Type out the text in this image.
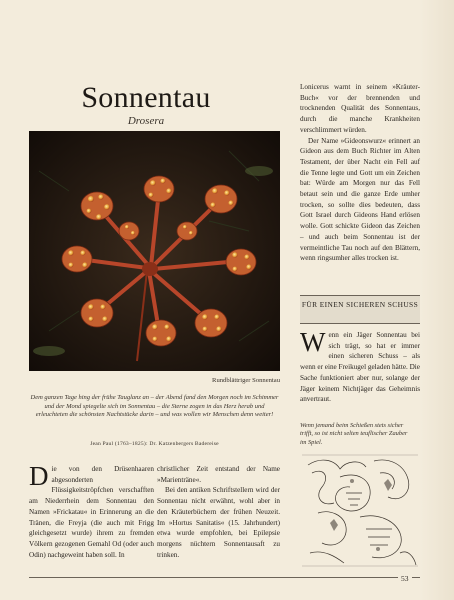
Sonnentau
Drosera
Rundblättriger Sonnentau
Dem ganzen Tage hing der frühe Tauglanz an – der Abend fand den Morgen noch im Schimmer und der Mond spiegelte sich im Sonnentau – die Sterne zogen in das Herz herab und erleuchteten die schönsten Nachtstücke darin – und was wollen wir Menschen denn weiter!
Jean Paul (1763–1825): Dr. Katzenbergers Badereise

Die von den Drüsenhaaren abgesonderten Flüssigkeitströpfchen verschafften am Niederrhein dem Sonnentau den Namen »Frickatau« in Erinnerung an die Tränen, die Freyja (die auch mit Frigg gleichgesetzt wurde) ihrem zu fremden Völkern gezogenen Gemahl Od (oder auch Odin) nachgeweint haben soll. In

christlicher Zeit entstand der Name »Marientränе«.

Bei den antiken Schriftstellern wird der Sonnentau nicht erwähnt, wohl aber in den Kräuterbüchern der frühen Neuzeit. Im »Hortus Sanitatis« (15. Jahrhundert) etwa wurde empfohlen, bei Epilepsie morgens nüchtern Sonnentausaft zu trinken.

Lonicerus warnt in seinem »Kräuter-Buch« vor der brennenden und trocknenden Qualität des Sonnentaus, durch die manche Krankheiten verschlimmert würden.

Der Name »Gideonswurz« erinnert an Gideon aus dem Buch Richter im Alten Testament, der über Nacht ein Fell auf die Tenne legte und Gott um ein Zeichen bat: Würde am Morgen nur das Fell betaut sein und die ganze Erde umher trocken, so sollte dies bedeuten, dass Gott Israel durch Gideons Hand erlösen wolle. Gott schickte Gideon das Zeichen – und auch beim Sonnentau ist der vermeintliche Tau noch auf den Blättern, wenn ringsumher alles trocken ist.

FÜR EINEN SICHEREN SCHUSS

Wenn ein Jäger Sonnentau bei sich trägt, so hat er immer einen sicheren Schuss – als wenn er eine Freikugel geladen hätte. Die Sache funktioniert aber nur, solange der Jäger keinem Nichtjäger das Geheimnis anvertraut.

Wenn jemand beim Schießen stets sicher trifft, so ist nicht selten teuflischer Zauber im Spiel.
53
